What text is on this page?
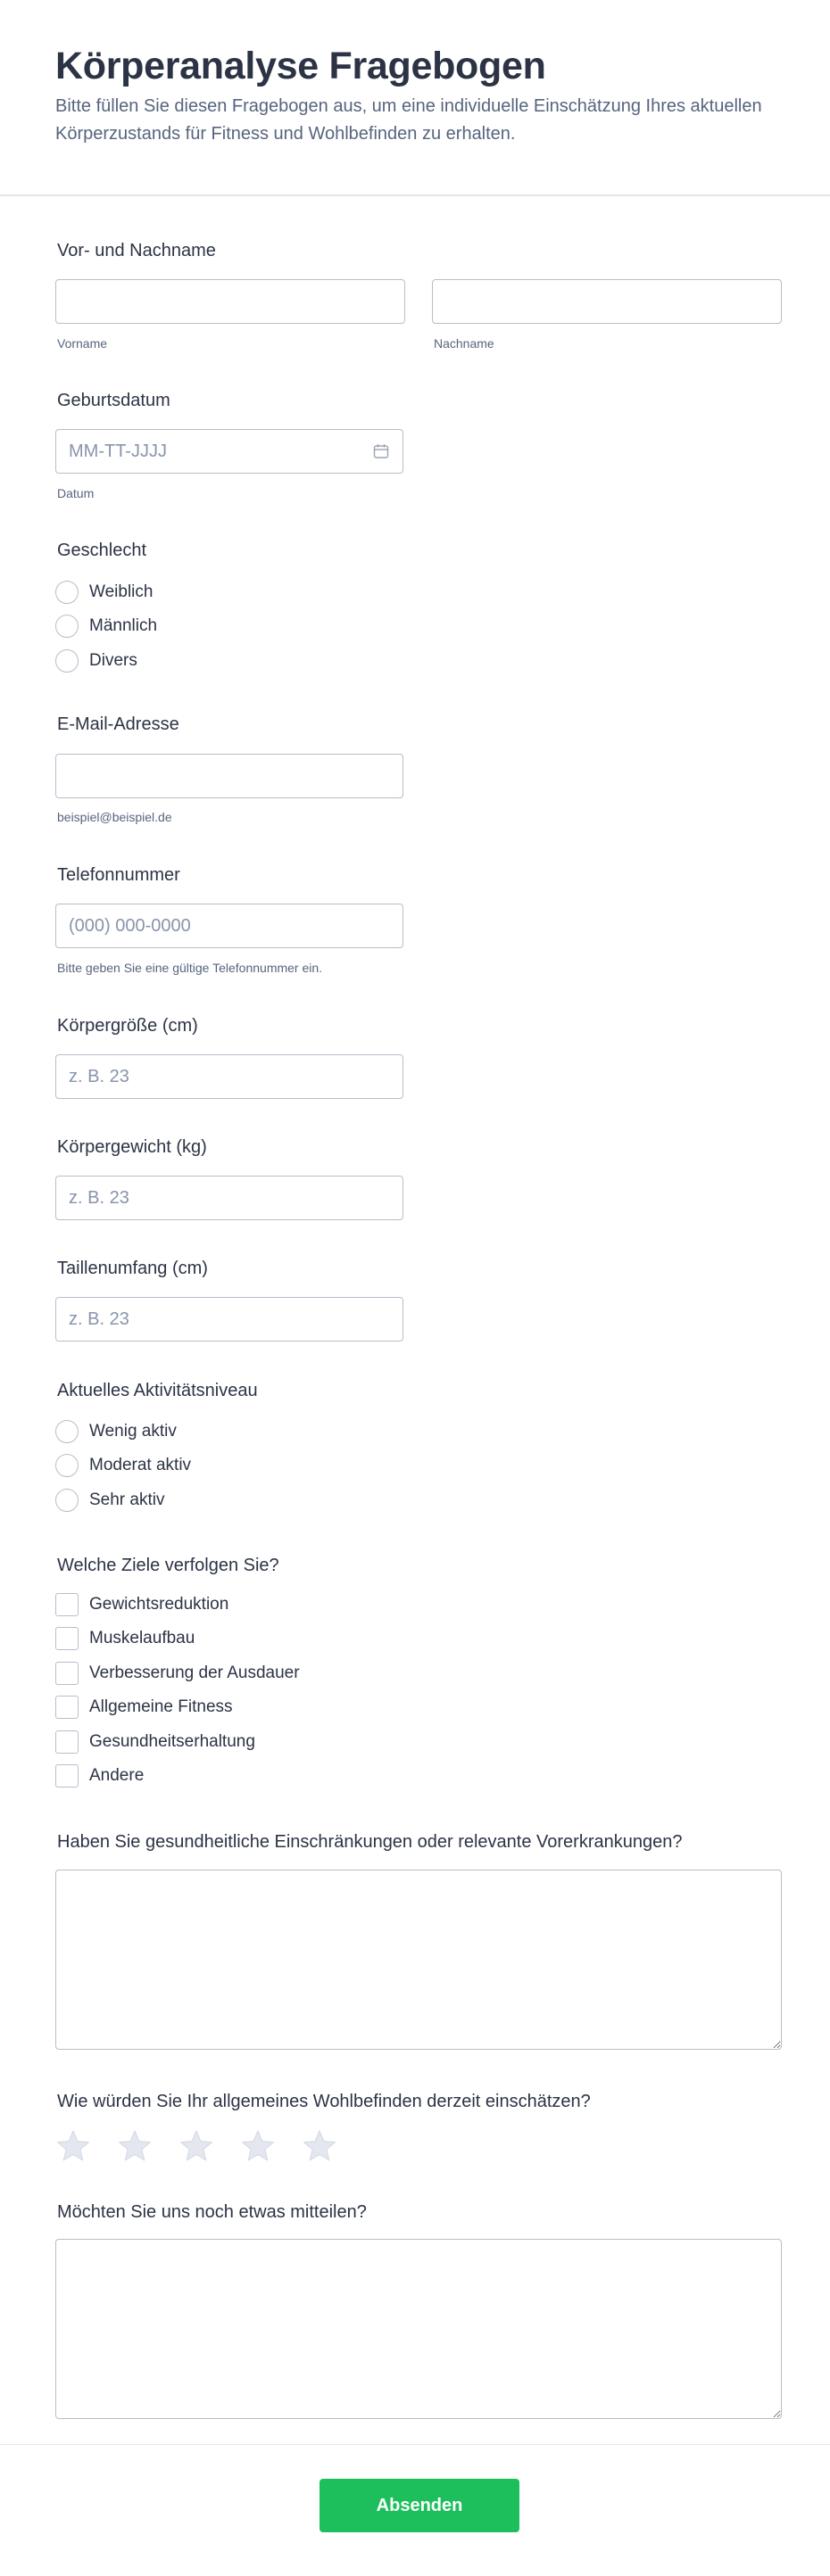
Körperanalyse Fragebogen

Bitte füllen Sie diesen Fragebogen aus, um eine individuelle Einschätzung Ihres aktuellen Körperzustands für Fitness und Wohlbefinden zu erhalten.

Vor- und Nachname
Vorname	Nachname
Geburtsdatum
MM-TT-JJJJ
Datum
Geschlecht
Weiblich
Männlich
Divers
E-Mail-Adresse
beispiel@beispiel.de
Telefonnummer
(000) 000-0000
Bitte geben Sie eine gültige Telefonnummer ein.
Körpergröße (cm)
z. B. 23
Körpergewicht (kg)
z. B. 23
Taillenumfang (cm)
z. B. 23
Aktuelles Aktivitätsniveau
Wenig aktiv
Moderat aktiv
Sehr aktiv
Welche Ziele verfolgen Sie?
Gewichtsreduktion
Muskelaufbau
Verbesserung der Ausdauer
Allgemeine Fitness
Gesundheitserhaltung
Andere
Haben Sie gesundheitliche Einschränkungen oder relevante Vorerkrankungen?
Wie würden Sie Ihr allgemeines Wohlbefinden derzeit einschätzen?
Möchten Sie uns noch etwas mitteilen?
Absenden
